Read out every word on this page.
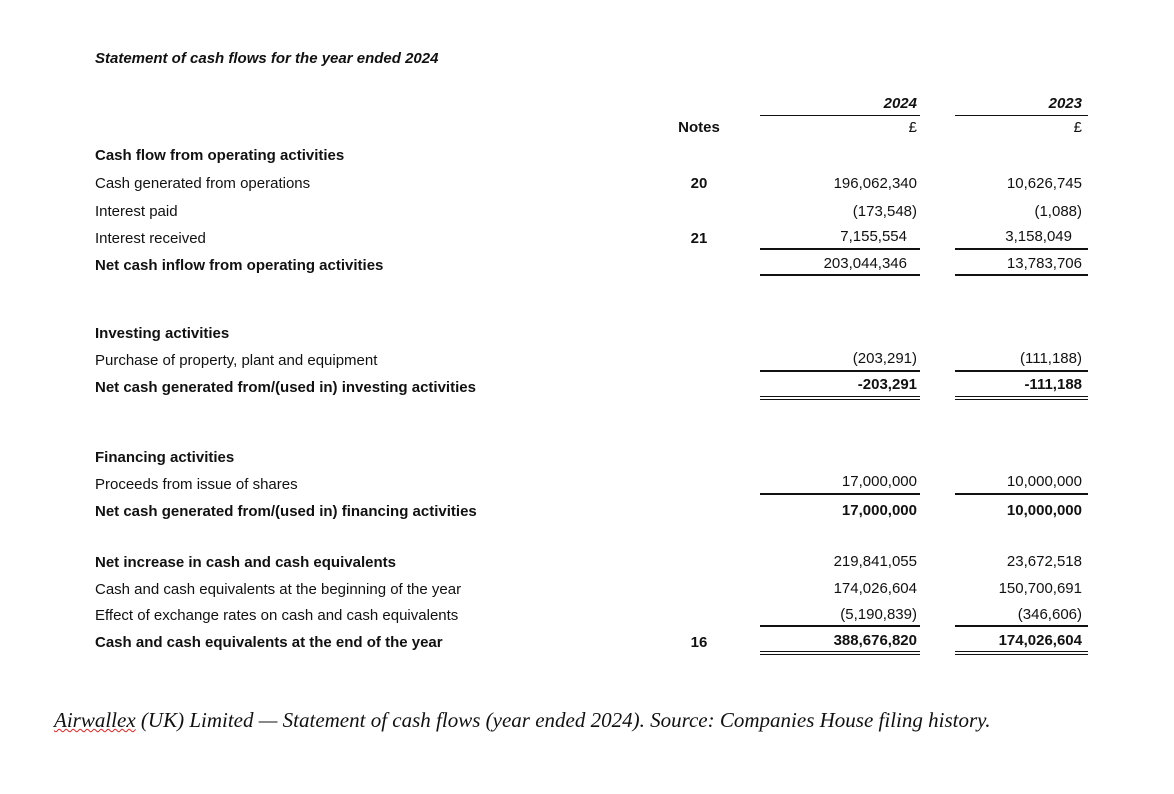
Statement of cash flows for the year ended 2024
2024	2023
£	£
Notes
Cash flow from operating activities
Cash generated from operations	20	196,062,340	10,626,745
Interest paid	(173,548)	(1,088)
Interest received	21	7,155,554	3,158,049
Net cash inflow from operating activities	203,044,346	13,783,706
Investing activities
Purchase of property, plant and equipment	(203,291)	(111,188)
Net cash generated from/(used in) investing activities	-203,291	-111,188
Financing activities
Proceeds from issue of shares	17,000,000	10,000,000
Net cash generated from/(used in) financing activities	17,000,000	10,000,000
Net increase in cash and cash equivalents	219,841,055	23,672,518
Cash and cash equivalents at the beginning of the year	174,026,604	150,700,691
Effect of exchange rates on cash and cash equivalents	(5,190,839)	(346,606)
Cash and cash equivalents at the end of the year	16	388,676,820	174,026,604
Airwallex (UK) Limited — Statement of cash flows (year ended 2024). Source: Companies House filing history.
